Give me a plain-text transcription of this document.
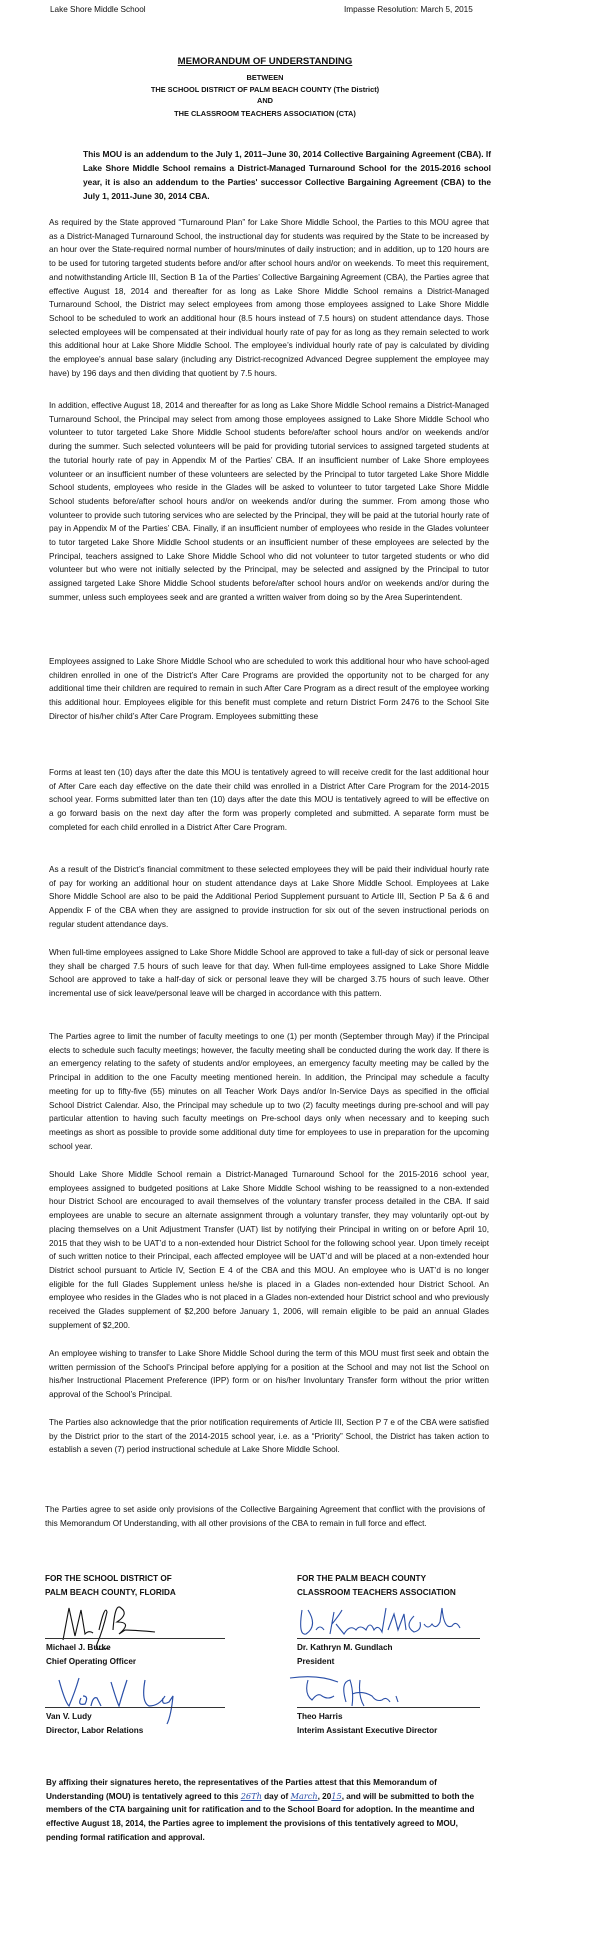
Lake Shore Middle School	Impasse Resolution: March 5, 2015
MEMORANDUM OF UNDERSTANDING
BETWEEN
THE SCHOOL DISTRICT OF PALM BEACH COUNTY (The District)
AND
THE CLASSROOM TEACHERS ASSOCIATION (CTA)

This MOU is an addendum to the July 1, 2011–June 30, 2014 Collective Bargaining Agreement (CBA). If Lake Shore Middle School remains a District-Managed Turnaround School for the 2015-2016 school year, it is also an addendum to the Parties' successor Collective Bargaining Agreement (CBA) to the July 1, 2011-June 30, 2014 CBA.

As required by the State approved “Turnaround Plan” for Lake Shore Middle School, the Parties to this MOU agree that as a District-Managed Turnaround School, the instructional day for students was required by the State to be increased by an hour over the State-required normal number of hours/minutes of daily instruction; and in addition, up to 120 hours are to be used for tutoring targeted students before and/or after school hours and/or on weekends. To meet this requirement, and notwithstanding Article III, Section B 1a of the Parties’ Collective Bargaining Agreement (CBA), the Parties agree that effective August 18, 2014 and thereafter for as long as Lake Shore Middle School remains a District-Managed Turnaround School, the District may select employees from among those employees assigned to Lake Shore Middle School to be scheduled to work an additional hour (8.5 hours instead of 7.5 hours) on student attendance days. Those selected employees will be compensated at their individual hourly rate of pay for as long as they remain selected to work this additional hour at Lake Shore Middle School. The employee’s individual hourly rate of pay is calculated by dividing the employee’s annual base salary (including any District-recognized Advanced Degree supplement the employee may have) by 196 days and then dividing that quotient by 7.5 hours.

In addition, effective August 18, 2014 and thereafter for as long as Lake Shore Middle School remains a District-Managed Turnaround School, the Principal may select from among those employees assigned to Lake Shore Middle School who volunteer to tutor targeted Lake Shore Middle School students before/after school hours and/or on weekends and/or during the summer. Such selected volunteers will be paid for providing tutorial services to assigned targeted students at the tutorial hourly rate of pay in Appendix M of the Parties’ CBA. If an insufficient number of Lake Shore employees volunteer or an insufficient number of these volunteers are selected by the Principal to tutor targeted Lake Shore Middle School students, employees who reside in the Glades will be asked to volunteer to tutor targeted Lake Shore Middle School students before/after school hours and/or on weekends and/or during the summer. From among those who volunteer to provide such tutoring services who are selected by the Principal, they will be paid at the tutorial hourly rate of pay in Appendix M of the Parties’ CBA. Finally, if an insufficient number of employees who reside in the Glades volunteer to tutor targeted Lake Shore Middle School students or an insufficient number of these employees are selected by the Principal, teachers assigned to Lake Shore Middle School who did not volunteer to tutor targeted students or who did volunteer but who were not initially selected by the Principal, may be selected and assigned by the Principal to tutor assigned targeted Lake Shore Middle School students before/after school hours and/or on weekends and/or during the summer, unless such employees seek and are granted a written waiver from doing so by the Area Superintendent.

Employees assigned to Lake Shore Middle School who are scheduled to work this additional hour who have school-aged children enrolled in one of the District’s After Care Programs are provided the opportunity not to be charged for any additional time their children are required to remain in such After Care Program as a direct result of the employee working this additional hour. Employees eligible for this benefit must complete and return District Form 2476 to the School Site Director of his/her child’s After Care Program. Employees submitting these

Forms at least ten (10) days after the date this MOU is tentatively agreed to will receive credit for the last additional hour of After Care each day effective on the date their child was enrolled in a District After Care Program for the 2014-2015 school year. Forms submitted later than ten (10) days after the date this MOU is tentatively agreed to will be effective on a go forward basis on the next day after the form was properly completed and submitted. A separate form must be completed for each child enrolled in a District After Care Program.

As a result of the District’s financial commitment to these selected employees they will be paid their individual hourly rate of pay for working an additional hour on student attendance days at Lake Shore Middle School. Employees at Lake Shore Middle School are also to be paid the Additional Period Supplement pursuant to Article III, Section P 5a & 6 and Appendix F of the CBA when they are assigned to provide instruction for six out of the seven instructional periods on regular student attendance days.

When full-time employees assigned to Lake Shore Middle School are approved to take a full-day of sick or personal leave they shall be charged 7.5 hours of such leave for that day. When full-time employees assigned to Lake Shore Middle School are approved to take a half-day of sick or personal leave they will be charged 3.75 hours of such leave. Other incremental use of sick leave/personal leave will be charged in accordance with this pattern.

The Parties agree to limit the number of faculty meetings to one (1) per month (September through May) if the Principal elects to schedule such faculty meetings; however, the faculty meeting shall be conducted during the work day. If there is an emergency relating to the safety of students and/or employees, an emergency faculty meeting may be called by the Principal in addition to the one Faculty meeting mentioned herein. In addition, the Principal may schedule a faculty meeting for up to fifty-five (55) minutes on all Teacher Work Days and/or In-Service Days as specified in the official School District Calendar. Also, the Principal may schedule up to two (2) faculty meetings during pre-school and will pay particular attention to having such faculty meetings on Pre-school days only when necessary and to keeping such meetings as short as possible to provide some additional duty time for employees to use in preparation for the upcoming school year.

Should Lake Shore Middle School remain a District-Managed Turnaround School for the 2015-2016 school year, employees assigned to budgeted positions at Lake Shore Middle School wishing to be reassigned to a non-extended hour District School are encouraged to avail themselves of the voluntary transfer process detailed in the CBA. If said employees are unable to secure an alternate assignment through a voluntary transfer, they may voluntarily opt-out by placing themselves on a Unit Adjustment Transfer (UAT) list by notifying their Principal in writing on or before April 10, 2015 that they wish to be UAT’d to a non-extended hour District School for the following school year. Upon timely receipt of such written notice to their Principal, each affected employee will be UAT’d and will be placed at a non-extended hour District school pursuant to Article IV, Section E 4 of the CBA and this MOU. An employee who is UAT’d is no longer eligible for the full Glades Supplement unless he/she is placed in a Glades non-extended hour District School. An employee who resides in the Glades who is not placed in a Glades non-extended hour District school and who previously received the Glades supplement of $2,200 before January 1, 2006, will remain eligible to be paid an annual Glades supplement of $2,200.

An employee wishing to transfer to Lake Shore Middle School during the term of this MOU must first seek and obtain the written permission of the School’s Principal before applying for a position at the School and may not list the School on his/her Instructional Placement Preference (IPP) form or on his/her Involuntary Transfer form without the prior written approval of the School’s Principal.

The Parties also acknowledge that the prior notification requirements of Article III, Section P 7 e of the CBA were satisfied by the District prior to the start of the 2014-2015 school year, i.e. as a “Priority” School, the District has taken action to establish a seven (7) period instructional schedule at Lake Shore Middle School.

The Parties agree to set aside only provisions of the Collective Bargaining Agreement that conflict with the provisions of this Memorandum Of Understanding, with all other provisions of the CBA to remain in full force and effect.

FOR THE SCHOOL DISTRICT OF
PALM BEACH COUNTY, FLORIDA
Michael J. Burke
Chief Operating Officer
Van V. Ludy
Director, Labor Relations
FOR THE PALM BEACH COUNTY
CLASSROOM TEACHERS ASSOCIATION
Dr. Kathryn M. Gundlach
President
Theo Harris
Interim Assistant Executive Director

By affixing their signatures hereto, the representatives of the Parties attest that this Memorandum of Understanding (MOU) is tentatively agreed to this 26Th day of March, 2015, and will be submitted to both the members of the CTA bargaining unit for ratification and to the School Board for adoption. In the meantime and effective August 18, 2014, the Parties agree to implement the provisions of this tentatively agreed to MOU, pending formal ratification and approval.
